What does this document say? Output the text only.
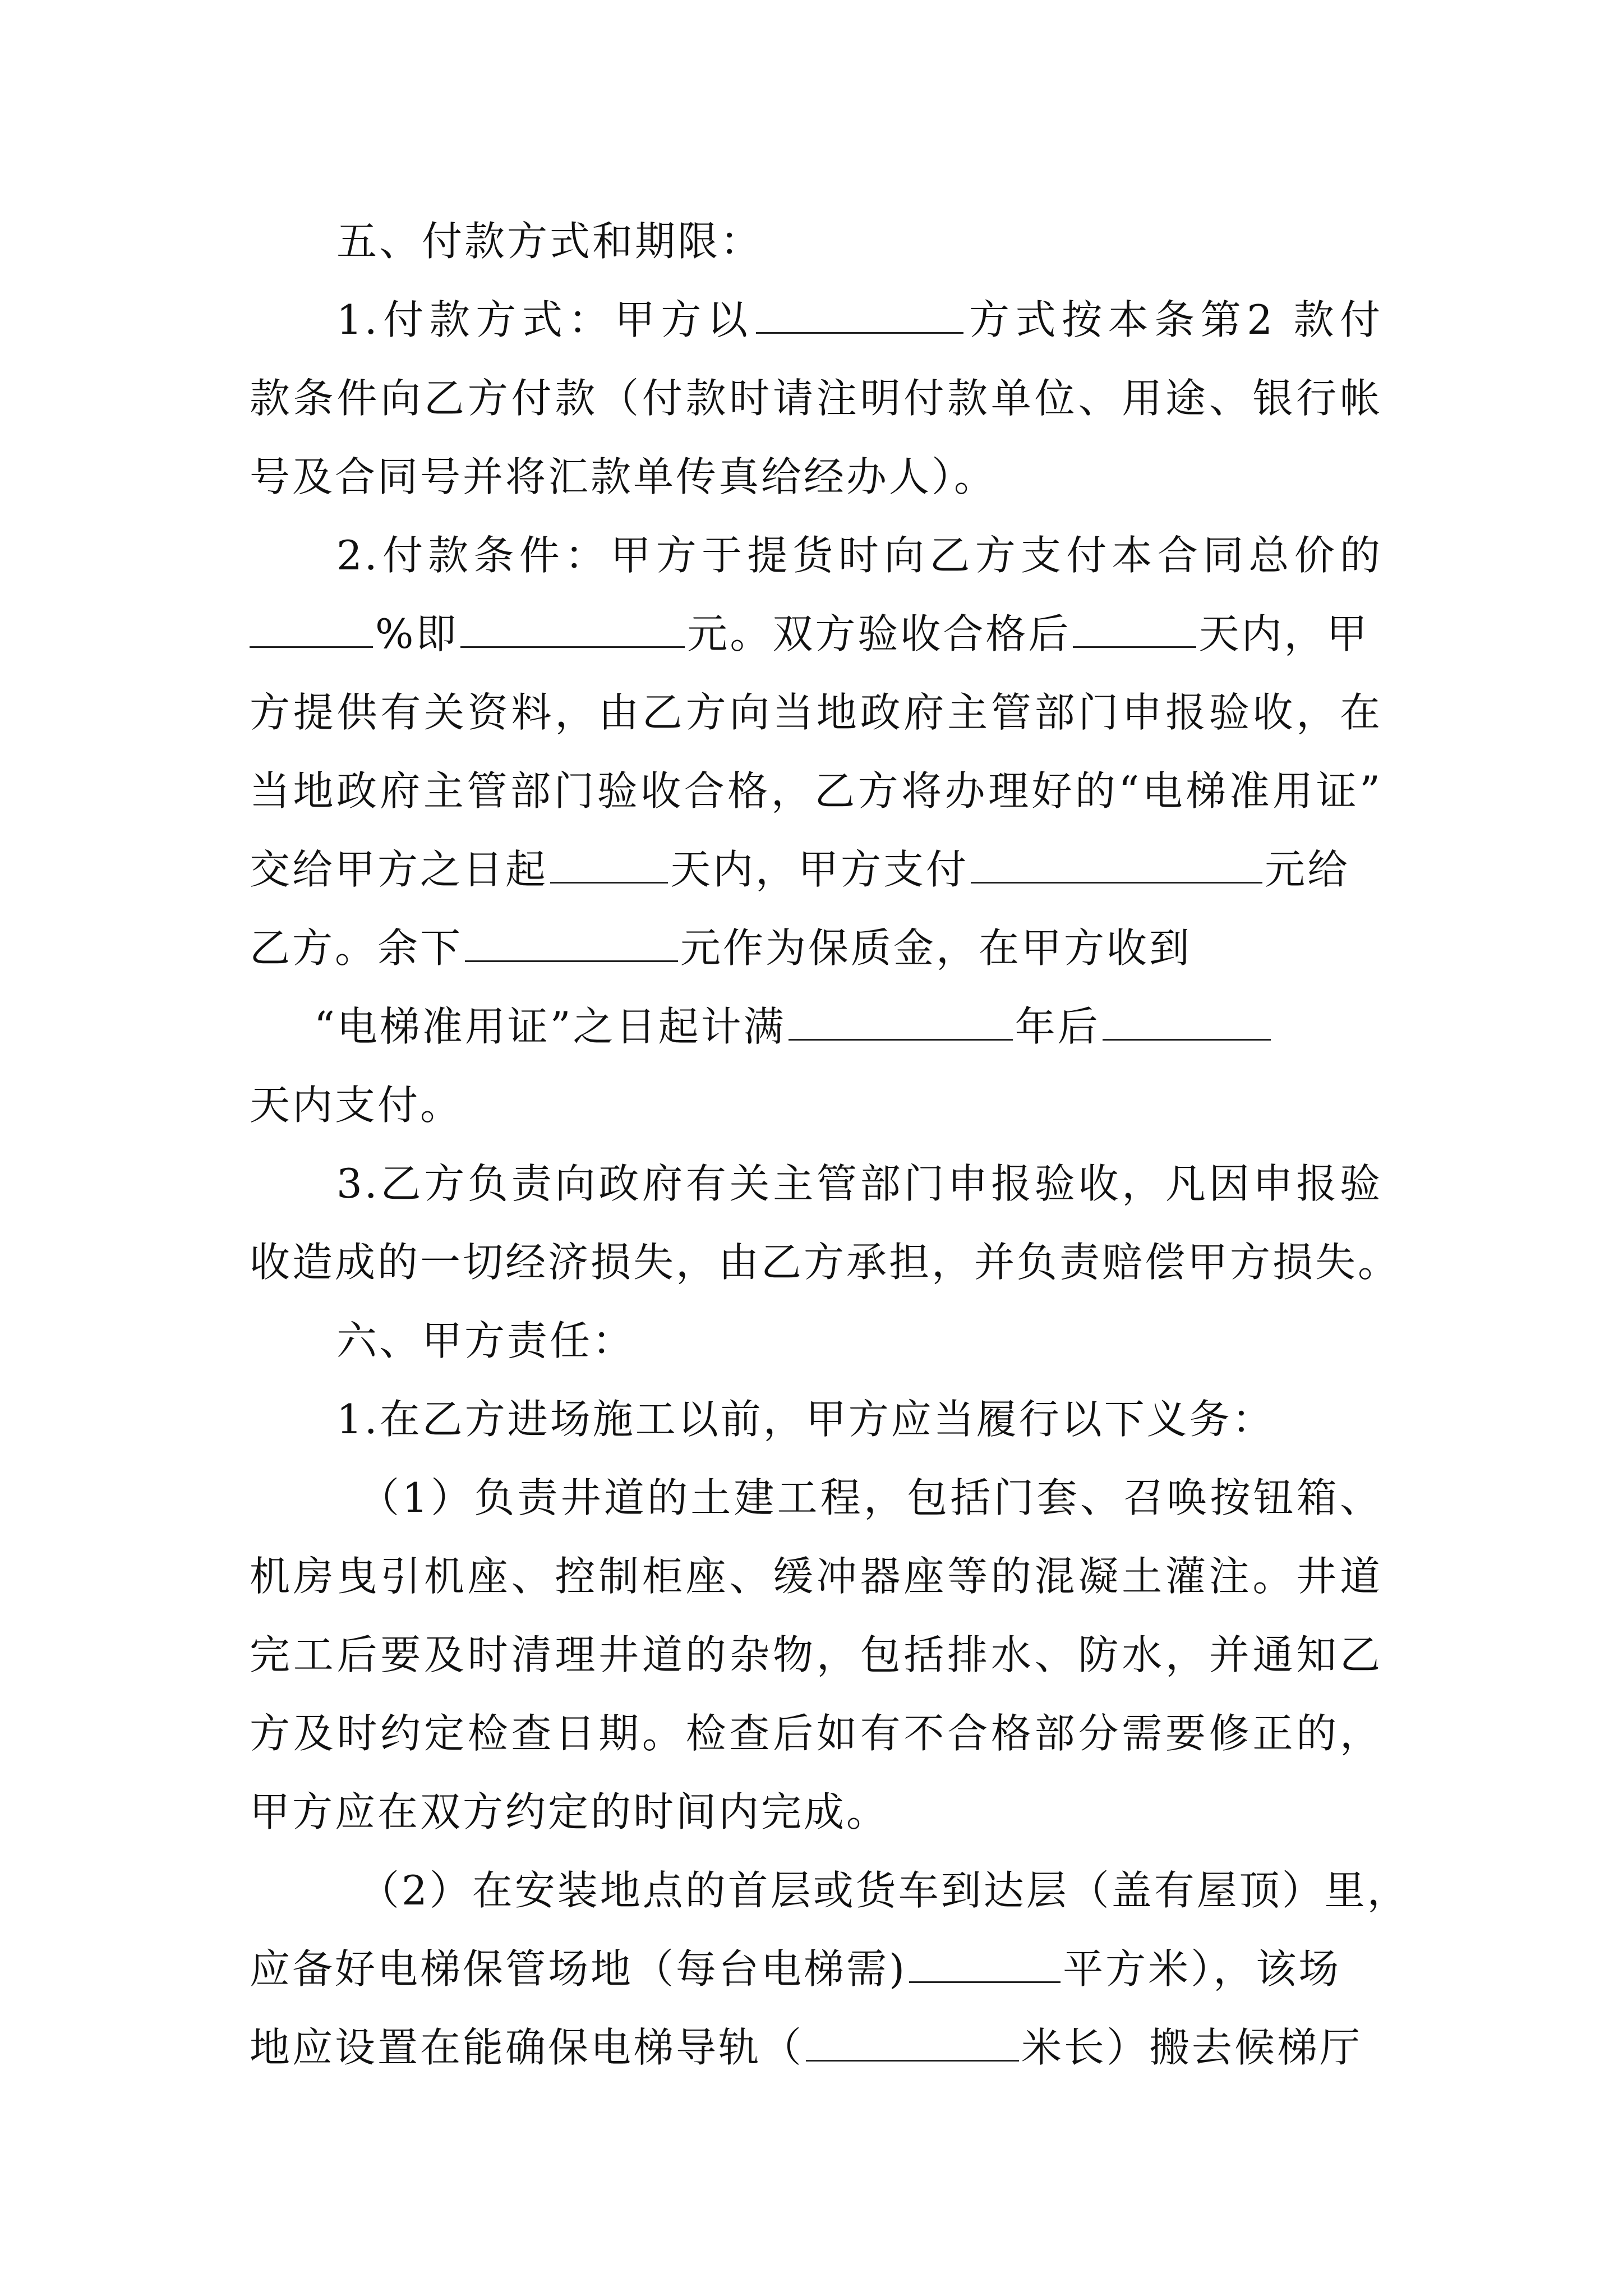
五、付款方式和期限：
1.付款方式：甲方以	方式按本条第2 款付
款条件向乙方付款（付款时请注明付款单位、用途、银行帐
号及合同号并将汇款单传真给经办人）。
2.付款条件：甲方于提货时向乙方支付本合同总价的
%即	元。双方验收合格后	天内，甲
方提供有关资料，由乙方向当地政府主管部门申报验收，在
当地政府主管部门验收合格，乙方将办理好的“电梯准用证”
交给甲方之日起	天内，甲方支付	元给
乙方。余下	元作为保质金，在甲方收到
“电梯准用证”之日起计满	年后
天内支付。
3.乙方负责向政府有关主管部门申报验收，凡因申报验
收造成的一切经济损失，由乙方承担，并负责赔偿甲方损失。
六、甲方责任：
1.在乙方进场施工以前，甲方应当履行以下义务：
（1）负责井道的土建工程，包括门套、召唤按钮箱、
机房曳引机座、控制柜座、缓冲器座等的混凝土灌注。井道
完工后要及时清理井道的杂物，包括排水、防水，并通知乙
方及时约定检查日期。检查后如有不合格部分需要修正的，
甲方应在双方约定的时间内完成。
（2）在安装地点的首层或货车到达层（盖有屋顶）里，
应备好电梯保管场地（每台电梯需)	平方米），该场
地应设置在能确保电梯导轨（	米长）搬去候梯厅
